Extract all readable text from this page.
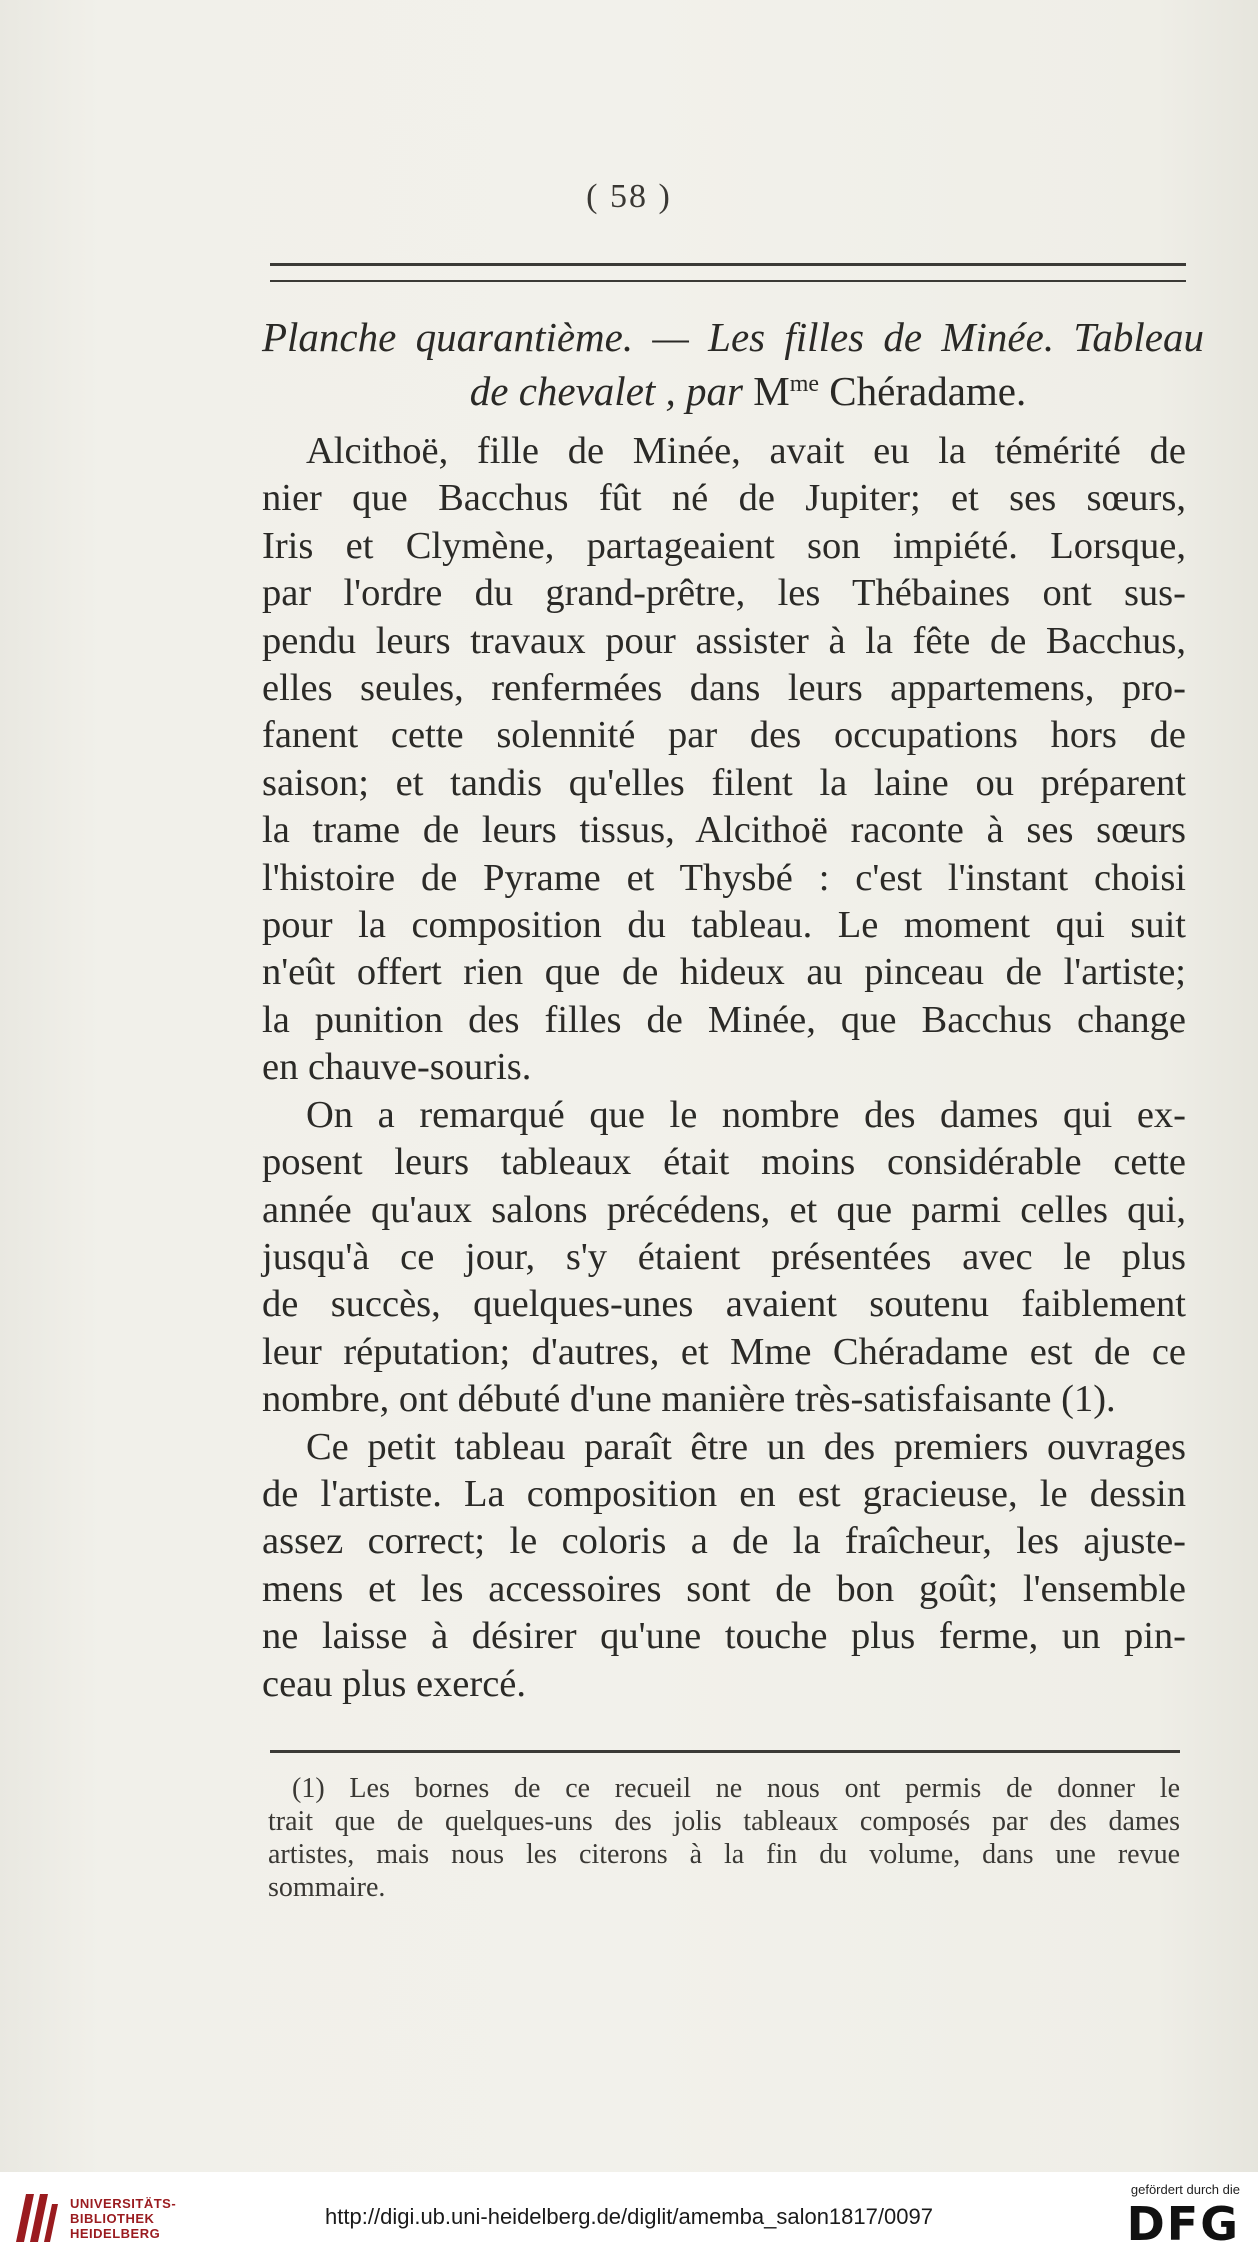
( 58 )
Planche quarantième. — Les filles de Minée. Tableau
de chevalet , par $M^{me}$ Chéradame.
Alcithoë, fille de Minée, avait eu la témérité de
nier que Bacchus fût né de Jupiter; et ses sœurs,
Iris et Clymène, partageaient son impiété. Lorsque,
par l'ordre du grand-prêtre, les Thébaines ont sus-
pendu leurs travaux pour assister à la fête de Bacchus,
elles seules, renfermées dans leurs appartemens, pro-
fanent cette solennité par des occupations hors de
saison; et tandis qu'elles filent la laine ou préparent
la trame de leurs tissus, Alcithoë raconte à ses sœurs
l'histoire de Pyrame et Thysbé : c'est l'instant choisi
pour la composition du tableau. Le moment qui suit
n'eût offert rien que de hideux au pinceau de l'artiste;
la punition des filles de Minée, que Bacchus change
en chauve-souris.
On a remarqué que le nombre des dames qui ex-
posent leurs tableaux était moins considérable cette
année qu'aux salons précédens, et que parmi celles qui,
jusqu'à ce jour, s'y étaient présentées avec le plus
de succès, quelques-unes avaient soutenu faiblement
leur réputation; d'autres, et Mme Chéradame est de ce
nombre, ont débuté d'une manière très-satisfaisante (1).
Ce petit tableau paraît être un des premiers ouvrages
de l'artiste. La composition en est gracieuse, le dessin
assez correct; le coloris a de la fraîcheur, les ajuste-
mens et les accessoires sont de bon goût; l'ensemble
ne laisse à désirer qu'une touche plus ferme, un pin-
ceau plus exercé.
(1) Les bornes de ce recueil ne nous ont permis de donner le
trait que de quelques-uns des jolis tableaux composés par des dames
artistes, mais nous les citerons à la fin du volume, dans une revue
sommaire.
UNIVERSITÄTS-
BIBLIOTHEK
HEIDELBERG
http://digi.ub.uni-heidelberg.de/diglit/amemba_salon1817/0097
gefördert durch die
DFG
